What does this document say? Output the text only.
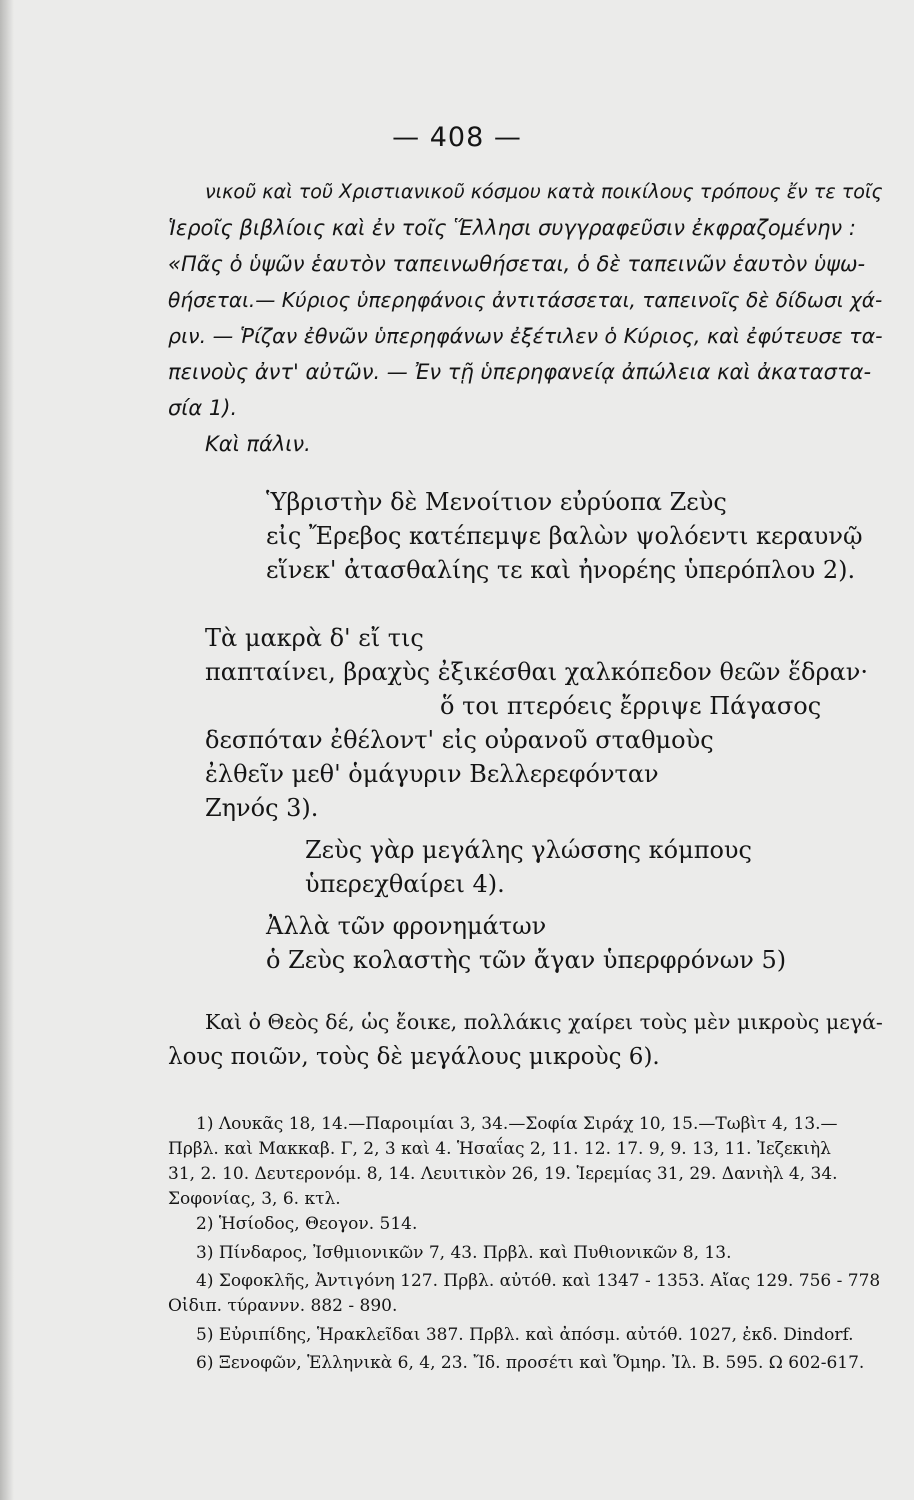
— 408 —
νικοῦ καὶ τοῦ Χριστιανικοῦ κόσμου κατὰ ποικίλους τρόπους ἔν τε τοῖς
Ἱεροῖς βιβλίοις καὶ ἐν τοῖς Ἕλλησι συγγραφεῦσιν ἐκφραζομένην :
«Πᾶς ὁ ὑψῶν ἑαυτὸν ταπεινωθήσεται, ὁ δὲ ταπεινῶν ἑαυτὸν ὑψω-
θήσεται.— Κύριος ὑπερηφάνοις ἀντιτάσσεται, ταπεινοῖς δὲ δίδωσι χά-
ριν. — Ῥίζαν ἐθνῶν ὑπερηφάνων ἐξέτιλεν ὁ Κύριος, καὶ ἐφύτευσε τα-
πεινοὺς ἀντ' αὐτῶν. — Ἐν τῇ ὑπερηφανείᾳ ἀπώλεια καὶ ἀκαταστα-
σία 1).
Καὶ πάλιν.
Ὑβριστὴν δὲ Μενοίτιον εὐρύοπα Ζεὺς
εἰς Ἔρεβος κατέπεμψε βαλὼν ψολόεντι κεραυνῷ
εἵνεκ' ἀτασθαλίης τε καὶ ἠνορέης ὑπερόπλου 2).
Τὰ μακρὰ δ' εἴ τις
παπταίνει, βραχὺς ἐξικέσθαι χαλκόπεδον θεῶν ἕδραν·
ὅ τοι πτερόεις ἔρριψε Πάγασος
δεσπόταν ἐθέλοντ' εἰς οὐρανοῦ σταθμοὺς
ἐλθεῖν μεθ' ὁμάγυριν Βελλερεφόνταν
Ζηνός 3).
Ζεὺς γὰρ μεγάλης γλώσσης κόμπους
ὑπερεχθαίρει 4).
Ἀλλὰ τῶν φρονημάτων
ὁ Ζεὺς κολαστὴς τῶν ἄγαν ὑπερφρόνων 5)
Καὶ ὁ Θεὸς δέ, ὡς ἔοικε, πολλάκις χαίρει τοὺς μὲν μικροὺς μεγά-
λους ποιῶν, τοὺς δὲ μεγάλους μικροὺς 6).
1) Λουκᾶς 18, 14.—Παροιμίαι 3, 34.—Σοφία Σιράχ 10, 15.—Τωβὶτ 4, 13.—
Πρβλ. καὶ Μακκαβ. Γ, 2, 3 καὶ 4. Ἡσαΐας 2, 11. 12. 17. 9, 9. 13, 11. Ἰεζεκιὴλ
31, 2. 10. Δευτερονόμ. 8, 14. Λευιτικὸν 26, 19. Ἱερεμίας 31, 29. Δανιὴλ 4, 34.
Σοφονίας, 3, 6. κτλ.
2) Ἡσίοδος, Θεογον. 514.
3) Πίνδαρος, Ἰσθμιονικῶν 7, 43. Πρβλ. καὶ Πυθιονικῶν 8, 13.
4) Σοφοκλῆς, Ἀντιγόνη 127. Πρβλ. αὐτόθ. καὶ 1347 - 1353. Αἴας 129. 756 - 778
Οἰδιπ. τύραννν. 882 - 890.
5) Εὐριπίδης, Ἡρακλεῖδαι 387. Πρβλ. καὶ ἀπόσμ. αὐτόθ. 1027, ἐκδ. Dindorf.
6) Ξενοφῶν, Ἑλληνικὰ 6, 4, 23. Ἴδ. προσέτι καὶ Ὅμηρ. Ἰλ. Β. 595. Ω 602-617.
